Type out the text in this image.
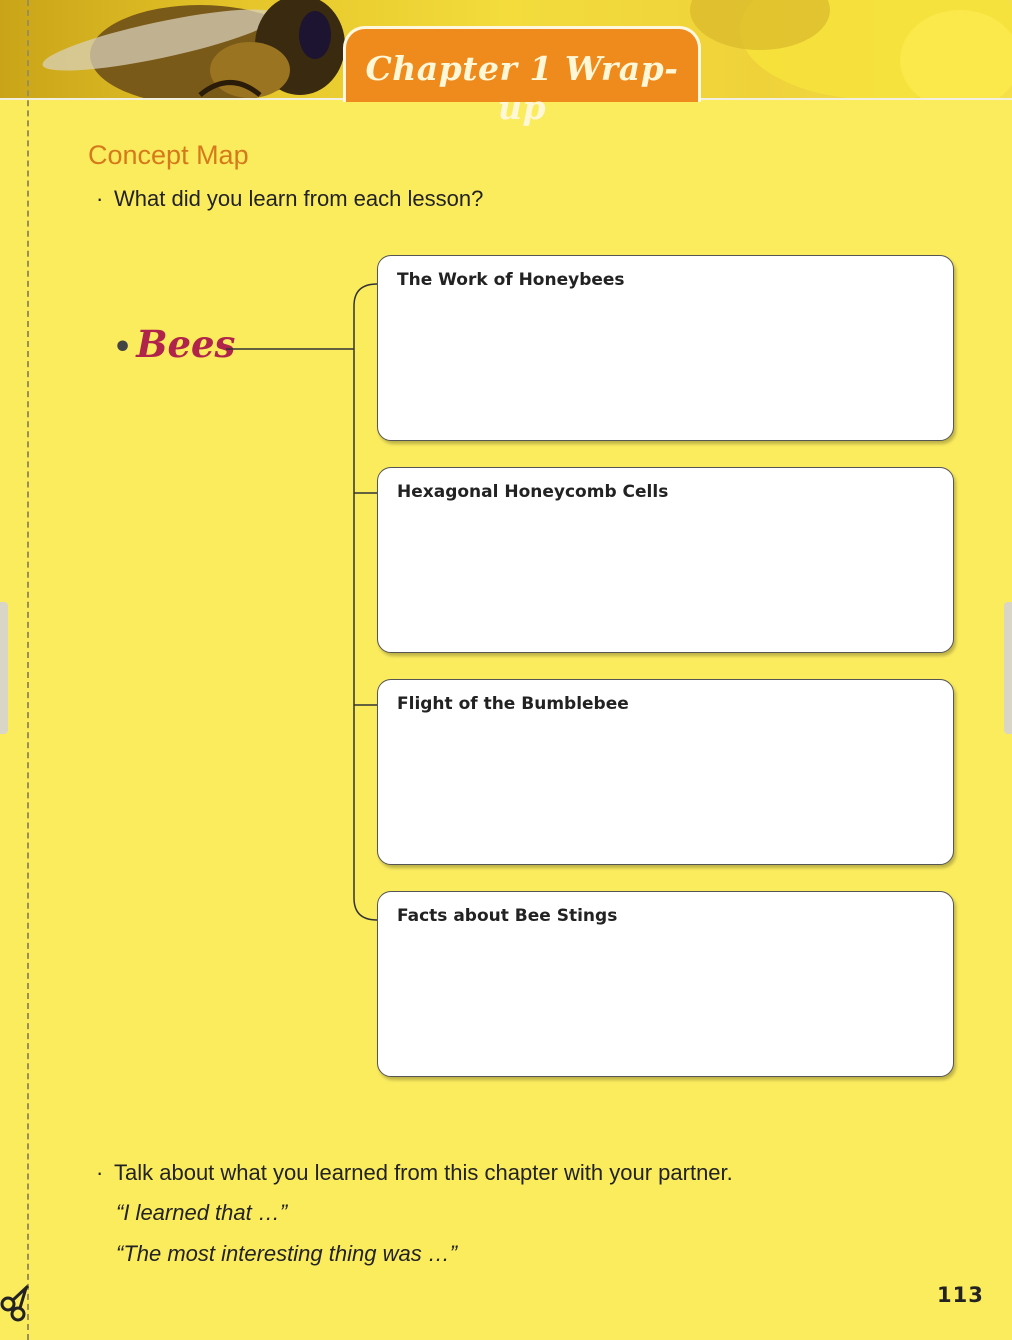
Chapter 1 Wrap-up
Concept Map
· What did you learn from each lesson?
• Bees
The Work of Honeybees
Hexagonal Honeycomb Cells
Flight of the Bumblebee
Facts about Bee Stings
· Talk about what you learned from this chapter with your partner.
“I learned that …”
“The most interesting thing was …”
113
